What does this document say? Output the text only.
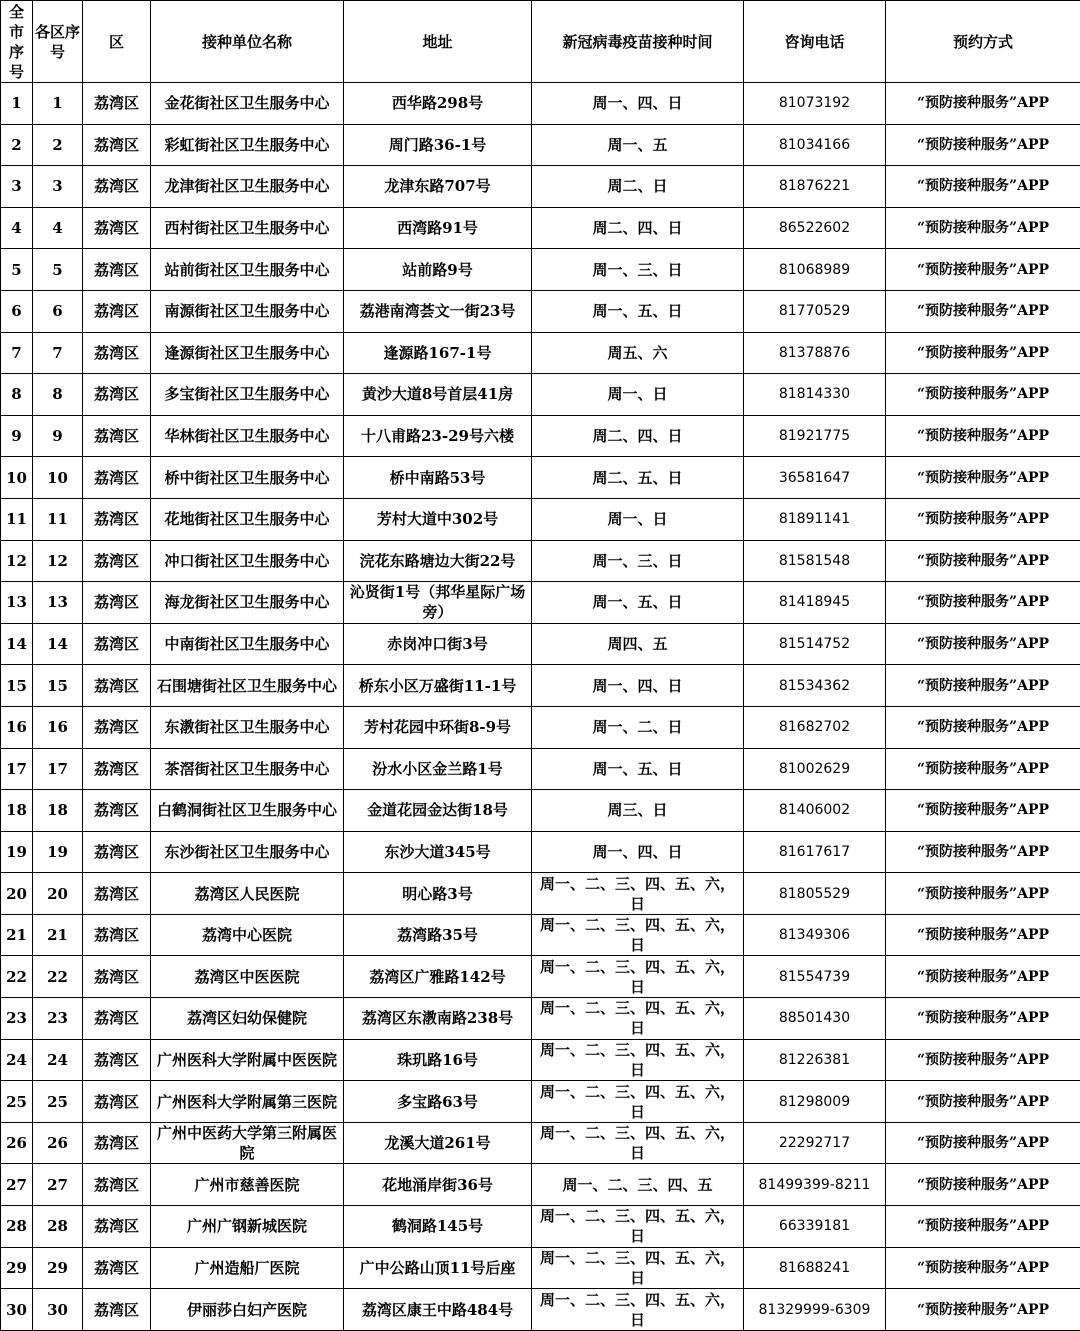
全市序号	各区序号	区	接种单位名称	地址	新冠病毒疫苗接种时间	咨询电话	预约方式
1	1	荔湾区	金花街社区卫生服务中心	西华路298号	周一、四、日	81073192	“预防接种服务”APP
2	2	荔湾区	彩虹街社区卫生服务中心	周门路36-1号	周一、五	81034166	“预防接种服务”APP
3	3	荔湾区	龙津街社区卫生服务中心	龙津东路707号	周二、日	81876221	“预防接种服务”APP
4	4	荔湾区	西村街社区卫生服务中心	西湾路91号	周二、四、日	86522602	“预防接种服务”APP
5	5	荔湾区	站前街社区卫生服务中心	站前路9号	周一、三、日	81068989	“预防接种服务”APP
6	6	荔湾区	南源街社区卫生服务中心	荔港南湾荟文一街23号	周一、五、日	81770529	“预防接种服务”APP
7	7	荔湾区	逢源街社区卫生服务中心	逢源路167-1号	周五、六	81378876	“预防接种服务”APP
8	8	荔湾区	多宝街社区卫生服务中心	黄沙大道8号首层41房	周一、日	81814330	“预防接种服务”APP
9	9	荔湾区	华林街社区卫生服务中心	十八甫路23-29号六楼	周二、四、日	81921775	“预防接种服务”APP
10	10	荔湾区	桥中街社区卫生服务中心	桥中南路53号	周二、五、日	36581647	“预防接种服务”APP
11	11	荔湾区	花地街社区卫生服务中心	芳村大道中302号	周一、日	81891141	“预防接种服务”APP
12	12	荔湾区	冲口街社区卫生服务中心	浣花东路塘边大街22号	周一、三、日	81581548	“预防接种服务”APP
13	13	荔湾区	海龙街社区卫生服务中心	沁贤街1号（邦华星际广场旁）	周一、五、日	81418945	“预防接种服务”APP
14	14	荔湾区	中南街社区卫生服务中心	赤岗冲口街3号	周四、五	81514752	“预防接种服务”APP
15	15	荔湾区	石围塘街社区卫生服务中心	桥东小区万盛街11-1号	周一、四、日	81534362	“预防接种服务”APP
16	16	荔湾区	东漖街社区卫生服务中心	芳村花园中环街8-9号	周一、二、日	81682702	“预防接种服务”APP
17	17	荔湾区	茶滘街社区卫生服务中心	汾水小区金兰路1号	周一、五、日	81002629	“预防接种服务”APP
18	18	荔湾区	白鹤洞街社区卫生服务中心	金道花园金达街18号	周三、日	81406002	“预防接种服务”APP
19	19	荔湾区	东沙街社区卫生服务中心	东沙大道345号	周一、四、日	81617617	“预防接种服务”APP
20	20	荔湾区	荔湾区人民医院	明心路3号	周一、二、三、四、五、六，日	81805529	“预防接种服务”APP
21	21	荔湾区	荔湾中心医院	荔湾路35号	周一、二、三、四、五、六，日	81349306	“预防接种服务”APP
22	22	荔湾区	荔湾区中医医院	荔湾区广雅路142号	周一、二、三、四、五、六，日	81554739	“预防接种服务”APP
23	23	荔湾区	荔湾区妇幼保健院	荔湾区东漖南路238号	周一、二、三、四、五、六，日	88501430	“预防接种服务”APP
24	24	荔湾区	广州医科大学附属中医医院	珠玑路16号	周一、二、三、四、五、六，日	81226381	“预防接种服务”APP
25	25	荔湾区	广州医科大学附属第三医院	多宝路63号	周一、二、三、四、五、六，日	81298009	“预防接种服务”APP
26	26	荔湾区	广州中医药大学第三附属医院	龙溪大道261号	周一、二、三、四、五、六，日	22292717	“预防接种服务”APP
27	27	荔湾区	广州市慈善医院	花地涌岸街36号	周一、二、三、四、五	81499399-8211	“预防接种服务”APP
28	28	荔湾区	广州广钢新城医院	鹤洞路145号	周一、二、三、四、五、六，日	66339181	“预防接种服务”APP
29	29	荔湾区	广州造船厂医院	广中公路山顶11号后座	周一、二、三、四、五、六，日	81688241	“预防接种服务”APP
30	30	荔湾区	伊丽莎白妇产医院	荔湾区康王中路484号	周一、二、三、四、五、六，日	81329999-6309	“预防接种服务”APP
